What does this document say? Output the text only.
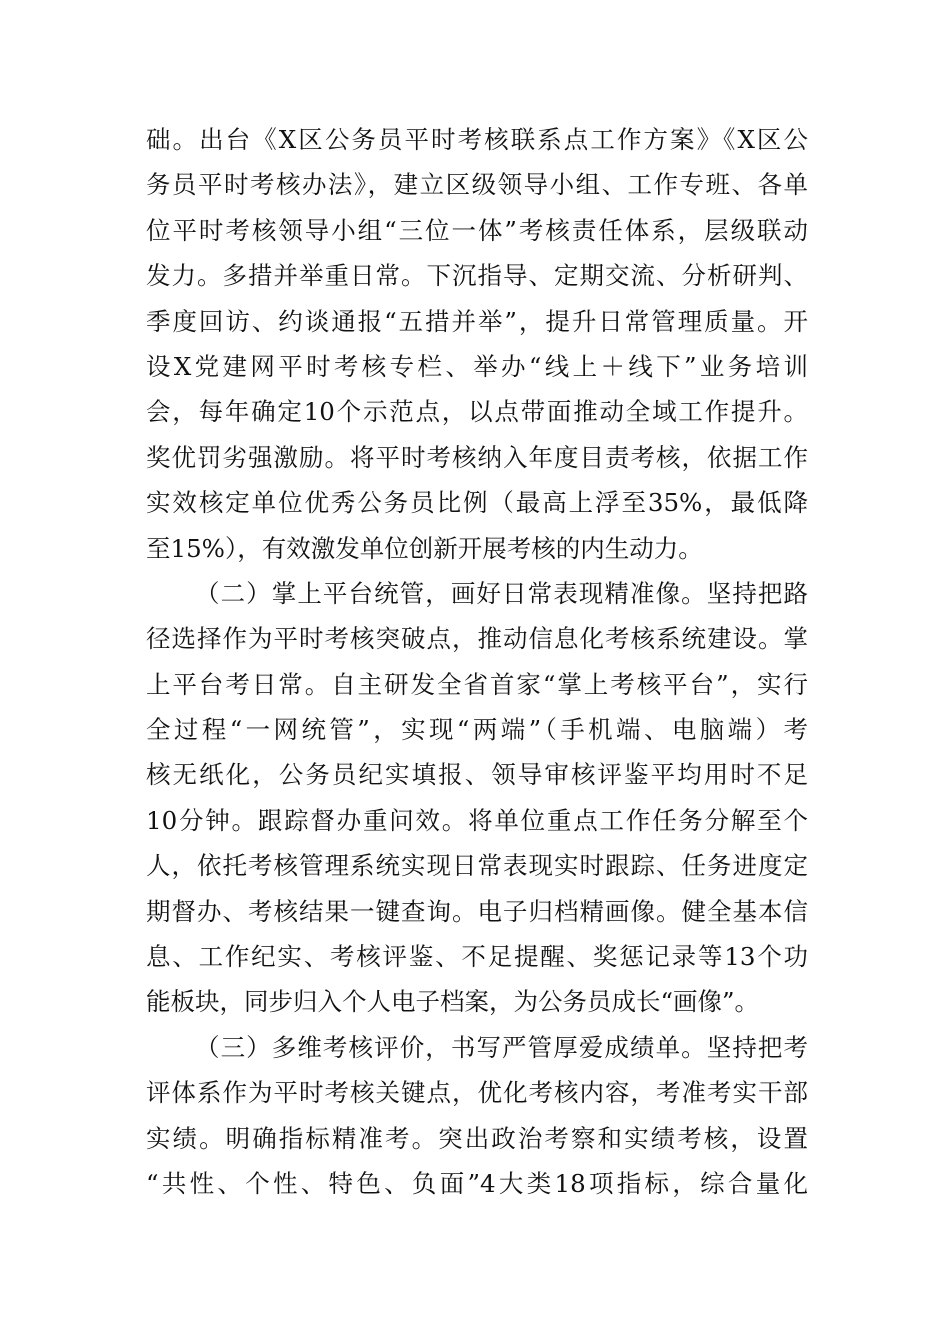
础。出台《X区公务员平时考核联系点工作方案》《X区公
务员平时考核办法》，建立区级领导小组、工作专班、各单
位平时考核领导小组“三位一体”考核责任体系，层级联动
发力。多措并举重日常。下沉指导、定期交流、分析研判、
季度回访、约谈通报“五措并举”，提升日常管理质量。开
设X党建网平时考核专栏、举办“线上＋线下”业务培训
会，每年确定10个示范点，以点带面推动全域工作提升。
奖优罚劣强激励。将平时考核纳入年度目责考核，依据工作
实效核定单位优秀公务员比例（最高上浮至35%，最低降
至15%），有效激发单位创新开展考核的内生动力。
（二）掌上平台统管，画好日常表现精准像。坚持把路
径选择作为平时考核突破点，推动信息化考核系统建设。掌
上平台考日常。自主研发全省首家“掌上考核平台”，实行
全过程“一网统管”，实现“两端”（手机端、电脑端）考
核无纸化，公务员纪实填报、领导审核评鉴平均用时不足
10分钟。跟踪督办重问效。将单位重点工作任务分解至个
人，依托考核管理系统实现日常表现实时跟踪、任务进度定
期督办、考核结果一键查询。电子归档精画像。健全基本信
息、工作纪实、考核评鉴、不足提醒、奖惩记录等13个功
能板块，同步归入个人电子档案，为公务员成长“画像”。
（三）多维考核评价，书写严管厚爱成绩单。坚持把考
评体系作为平时考核关键点，优化考核内容，考准考实干部
实绩。明确指标精准考。突出政治考察和实绩考核，设置
“共性、个性、特色、负面”4大类18项指标，综合量化
